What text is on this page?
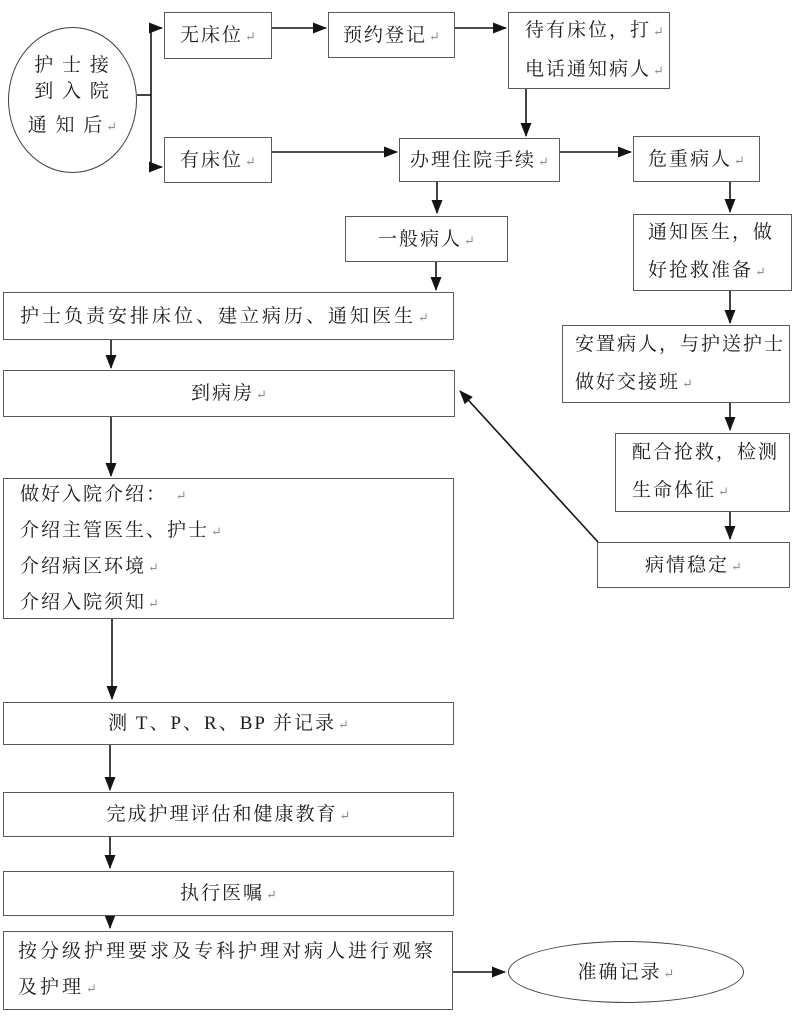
护 士 接
到 入 院
通 知 后 ↵
无床位 ↵	预约登记 ↵	待有床位，打 ↵
电话通知病人 ↵
有床位 ↵	办理住院手续 ↵	危重病人 ↵
一般病人 ↵	通知医生，做
好抢救准备 ↵
护士负责安排床位、建立病历、通知医生 ↵
到病房 ↵
安置病人，与护送护士
做好交接班 ↵
做好入院介绍： ↵
介绍主管医生、护士 ↵
介绍病区环境 ↵
介绍入院须知 ↵
配合抢救，检测
生命体征 ↵
病情稳定 ↵
测 T、P、R、BP 并记录 ↵
完成护理评估和健康教育 ↵
执行医嘱 ↵
按分级护理要求及专科护理对病人进行观察
及护理 ↵
准确记录 ↵
